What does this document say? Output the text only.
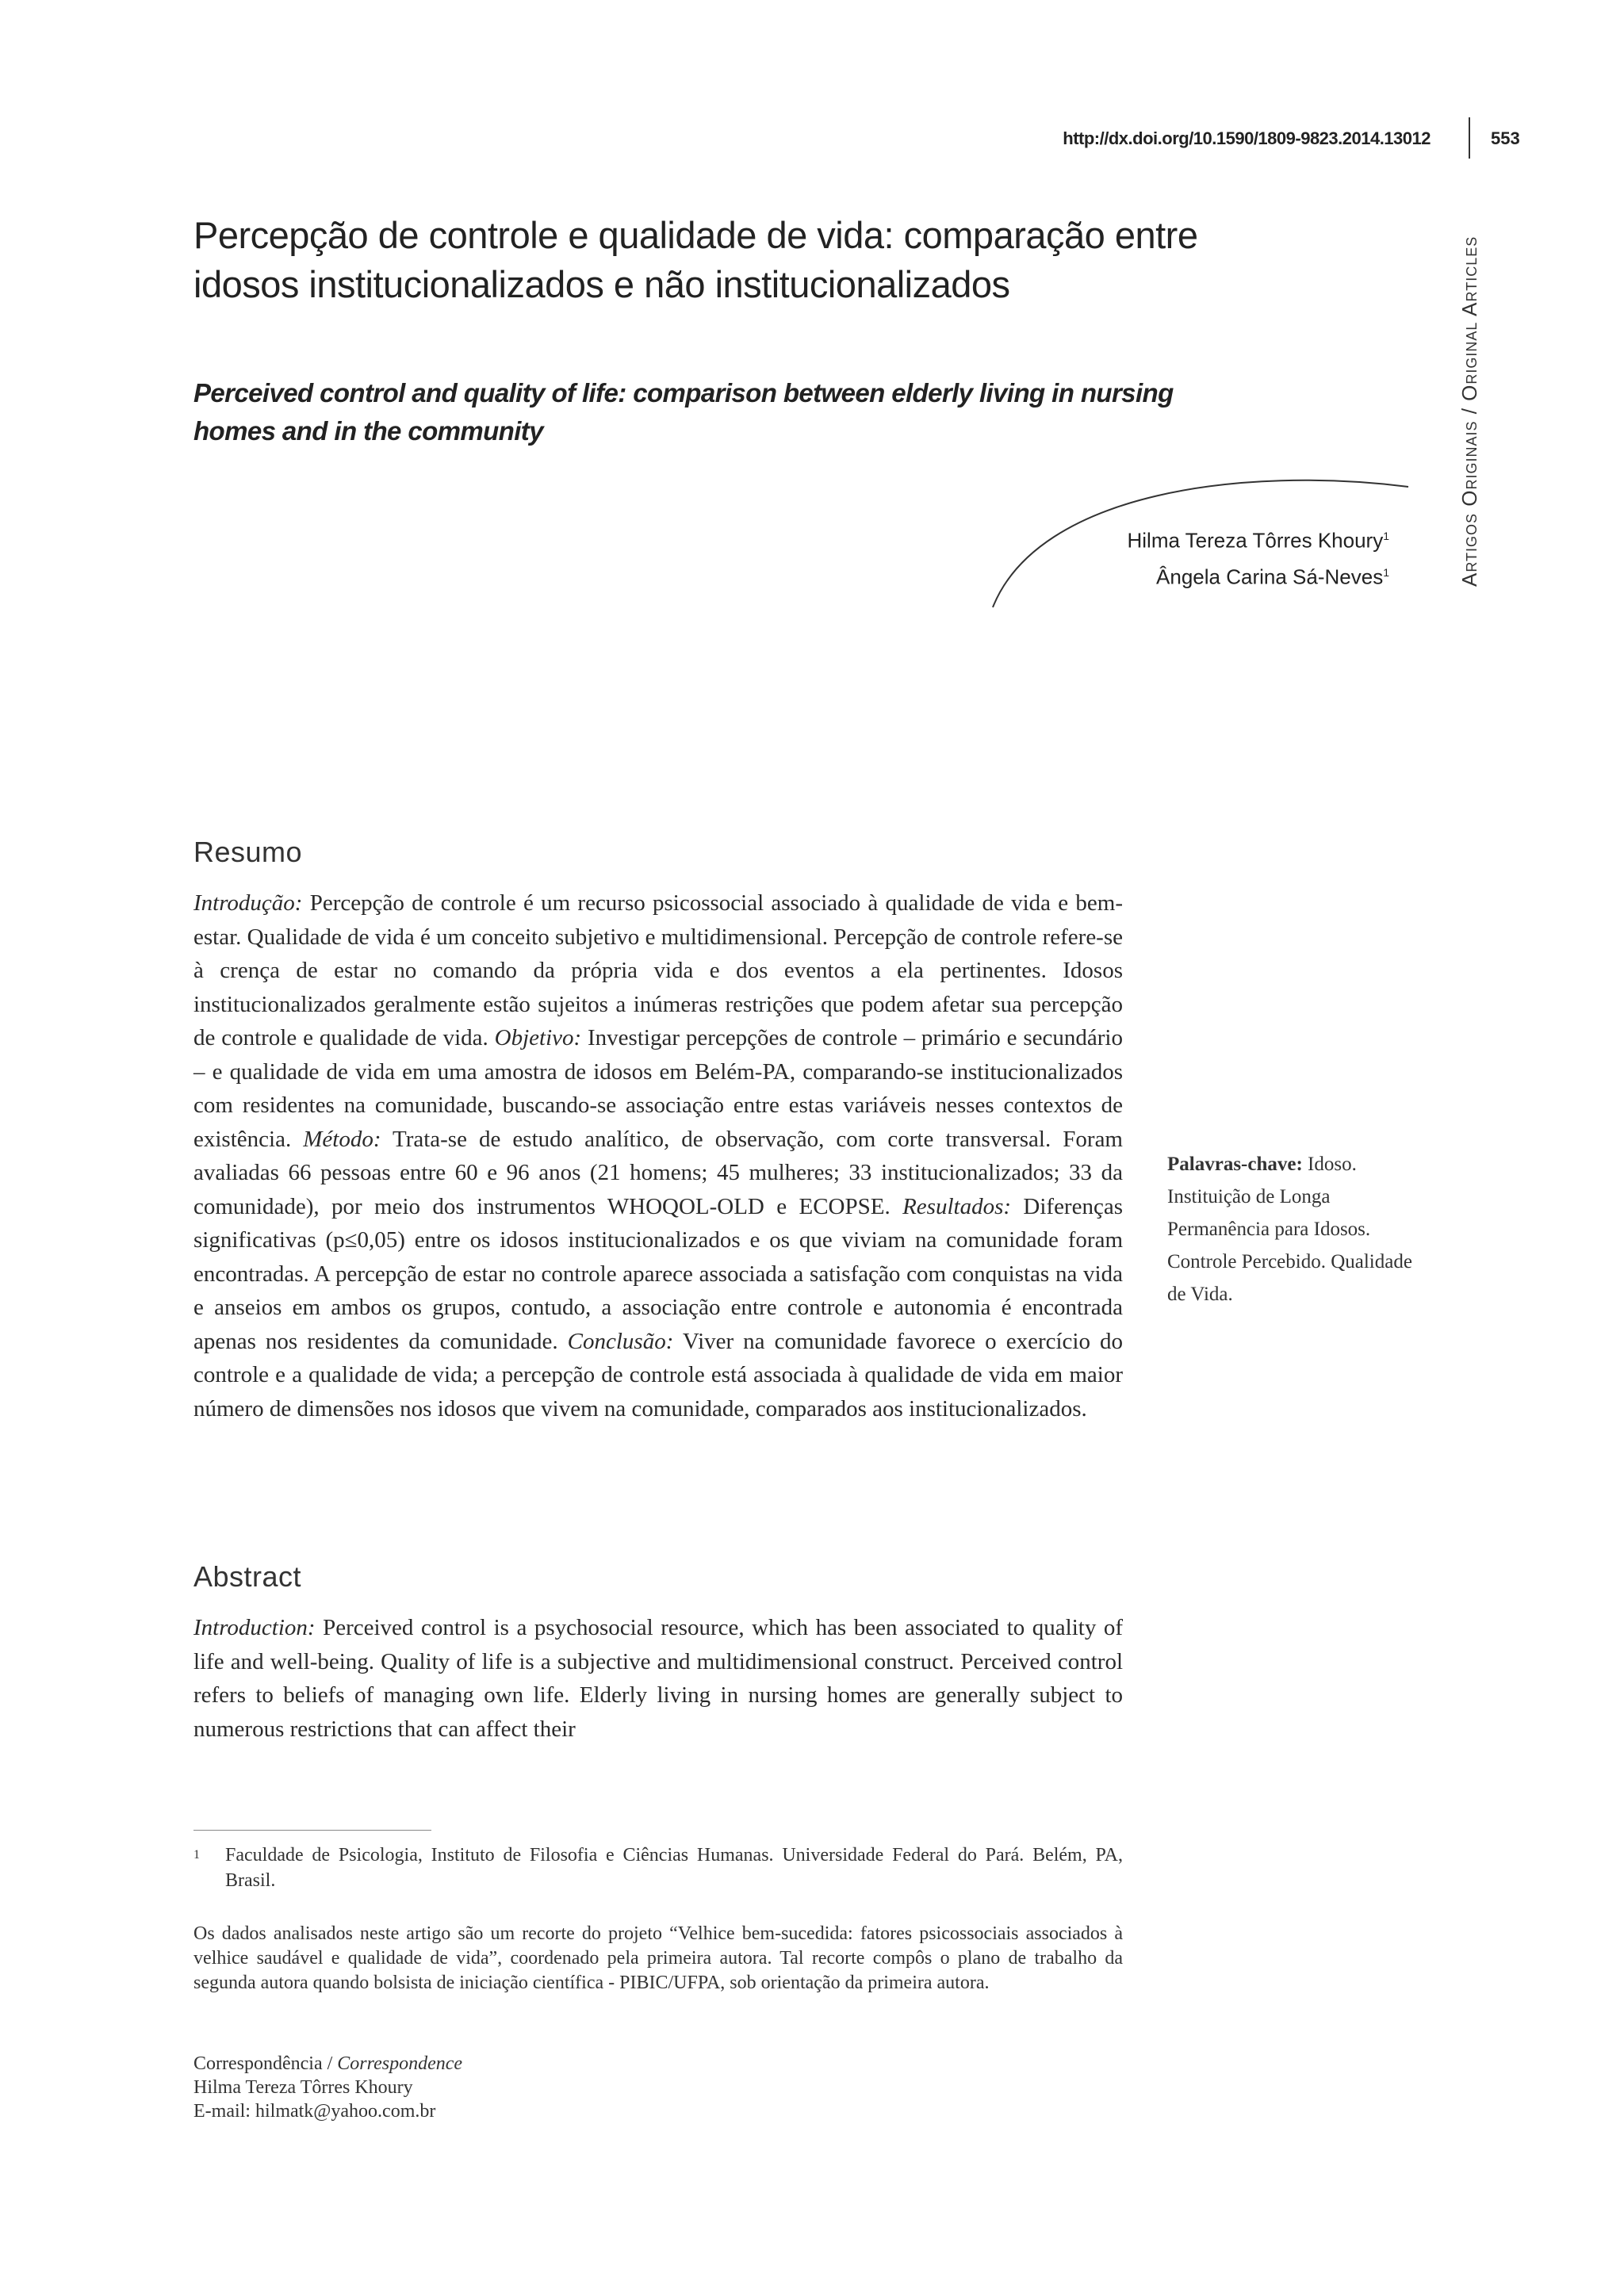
http://dx.doi.org/10.1590/1809-9823.2014.13012	553
Artigos Originais / Original Articles
Percepção de controle e qualidade de vida: comparação entre idosos institucionalizados e não institucionalizados
Perceived control and quality of life: comparison between elderly living in nursing homes and in the community
Hilma Tereza Tôrres Khoury$^1$
Ângela Carina Sá-Neves$^1$
Resumo

Introdução: Percepção de controle é um recurso psicossocial associado à qualidade de vida e bem-estar. Qualidade de vida é um conceito subjetivo e multidimensional. Percepção de controle refere-se à crença de estar no comando da própria vida e dos eventos a ela pertinentes. Idosos institucionalizados geralmente estão sujeitos a inúmeras restrições que podem afetar sua percepção de controle e qualidade de vida. Objetivo: Investigar percepções de controle – primário e secundário – e qualidade de vida em uma amostra de idosos em Belém-PA, comparando-se institucionalizados com residentes na comunidade, buscando-se associação entre estas variáveis nesses contextos de existência. Método: Trata-se de estudo analítico, de observação, com corte transversal. Foram avaliadas 66 pessoas entre 60 e 96 anos (21 homens; 45 mulheres; 33 institucionalizados; 33 da comunidade), por meio dos instrumentos WHOQOL-OLD e ECOPSE. Resultados: Diferenças significativas (p≤0,05) entre os idosos institucionalizados e os que viviam na comunidade foram encontradas. A percepção de estar no controle aparece associada a satisfação com conquistas na vida e anseios em ambos os grupos, contudo, a associação entre controle e autonomia é encontrada apenas nos residentes da comunidade. Conclusão: Viver na comunidade favorece o exercício do controle e a qualidade de vida; a percepção de controle está associada à qualidade de vida em maior número de dimensões nos idosos que vivem na comunidade, comparados aos institucionalizados.

Palavras-chave: Idoso. Instituição de Longa Permanência para Idosos. Controle Percebido. Qualidade de Vida.
Abstract

Introduction: Perceived control is a psychosocial resource, which has been associated to quality of life and well-being. Quality of life is a subjective and multidimensional construct. Perceived control refers to beliefs of managing own life. Elderly living in nursing homes are generally subject to numerous restrictions that can affect their

1 Faculdade de Psicologia, Instituto de Filosofia e Ciências Humanas. Universidade Federal do Pará. Belém, PA, Brasil.

Os dados analisados neste artigo são um recorte do projeto “Velhice bem-sucedida: fatores psicossociais associados à velhice saudável e qualidade de vida”, coordenado pela primeira autora. Tal recorte compôs o plano de trabalho da segunda autora quando bolsista de iniciação científica - PIBIC/UFPA, sob orientação da primeira autora.

Correspondência / Correspondence
Hilma Tereza Tôrres Khoury
E-mail: hilmatk@yahoo.com.br
